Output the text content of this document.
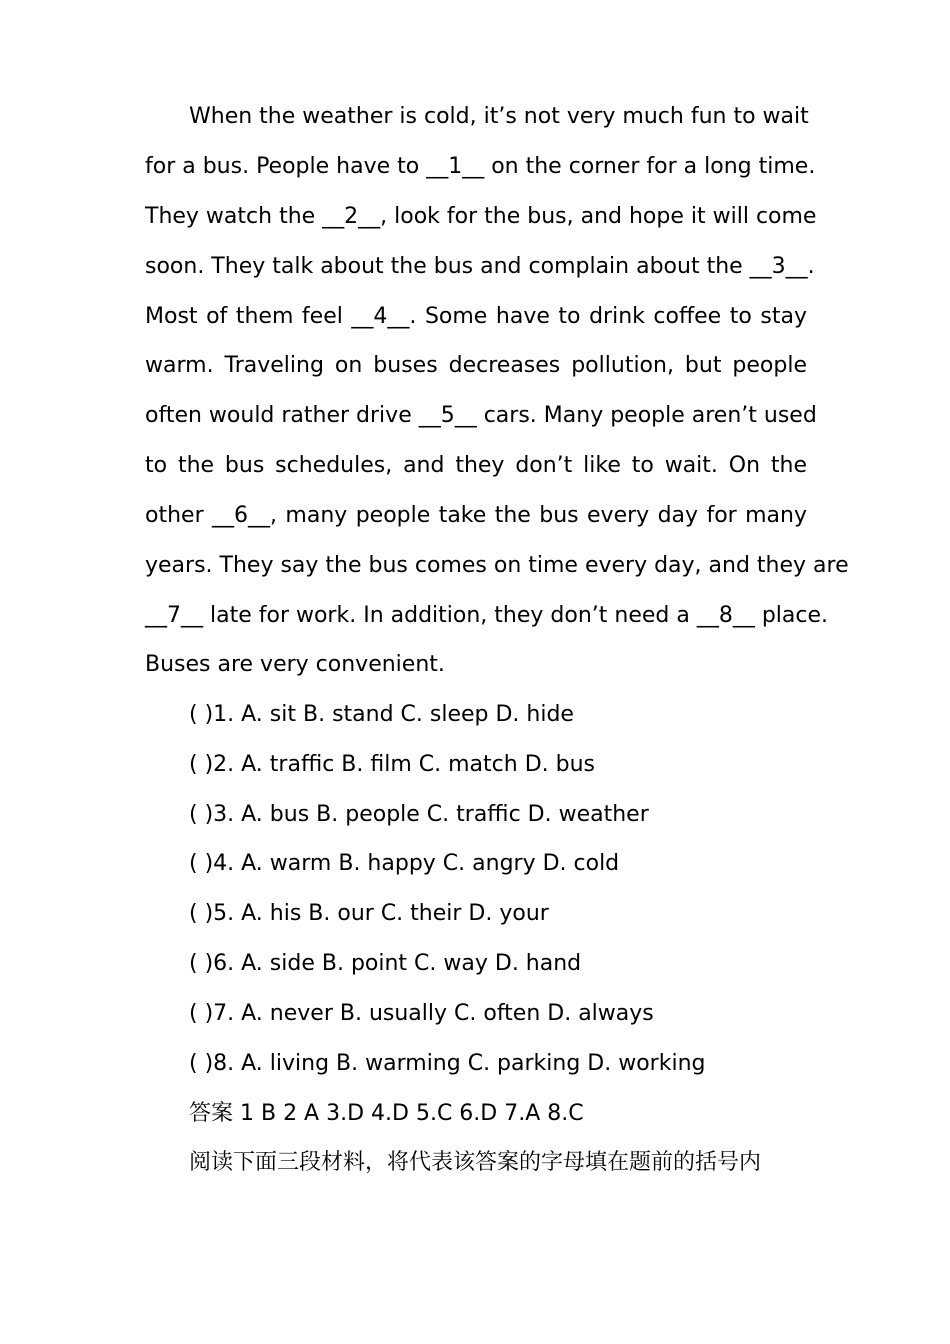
When the weather is cold, it’s not very much fun to wait
for a bus. People have to __1__ on the corner for a long time.
They watch the __2__, look for the bus, and hope it will come
soon. They talk about the bus and complain about the __3__.
Most of them feel __4__. Some have to drink coffee to stay
warm. Traveling on buses decreases pollution, but people
often would rather drive __5__ cars. Many people aren’t used
to the bus schedules, and they don’t like to wait. On the
other __6__, many people take the bus every day for many
years. They say the bus comes on time every day, and they are
__7__ late for work. In addition, they don’t need a __8__ place.
Buses are very convenient.
( )1. A. sit B. stand C. sleep D. hide
( )2. A. traffic B. film C. match D. bus
( )3. A. bus B. people C. traffic D. weather
( )4. A. warm B. happy C. angry D. cold
( )5. A. his B. our C. their D. your
( )6. A. side B. point C. way D. hand
( )7. A. never B. usually C. often D. always
( )8. A. living B. warming C. parking D. working
答案 1 B 2 A 3.D 4.D 5.C 6.D 7.A 8.C
阅读下面三段材料，将代表该答案的字母填在题前的括号内
